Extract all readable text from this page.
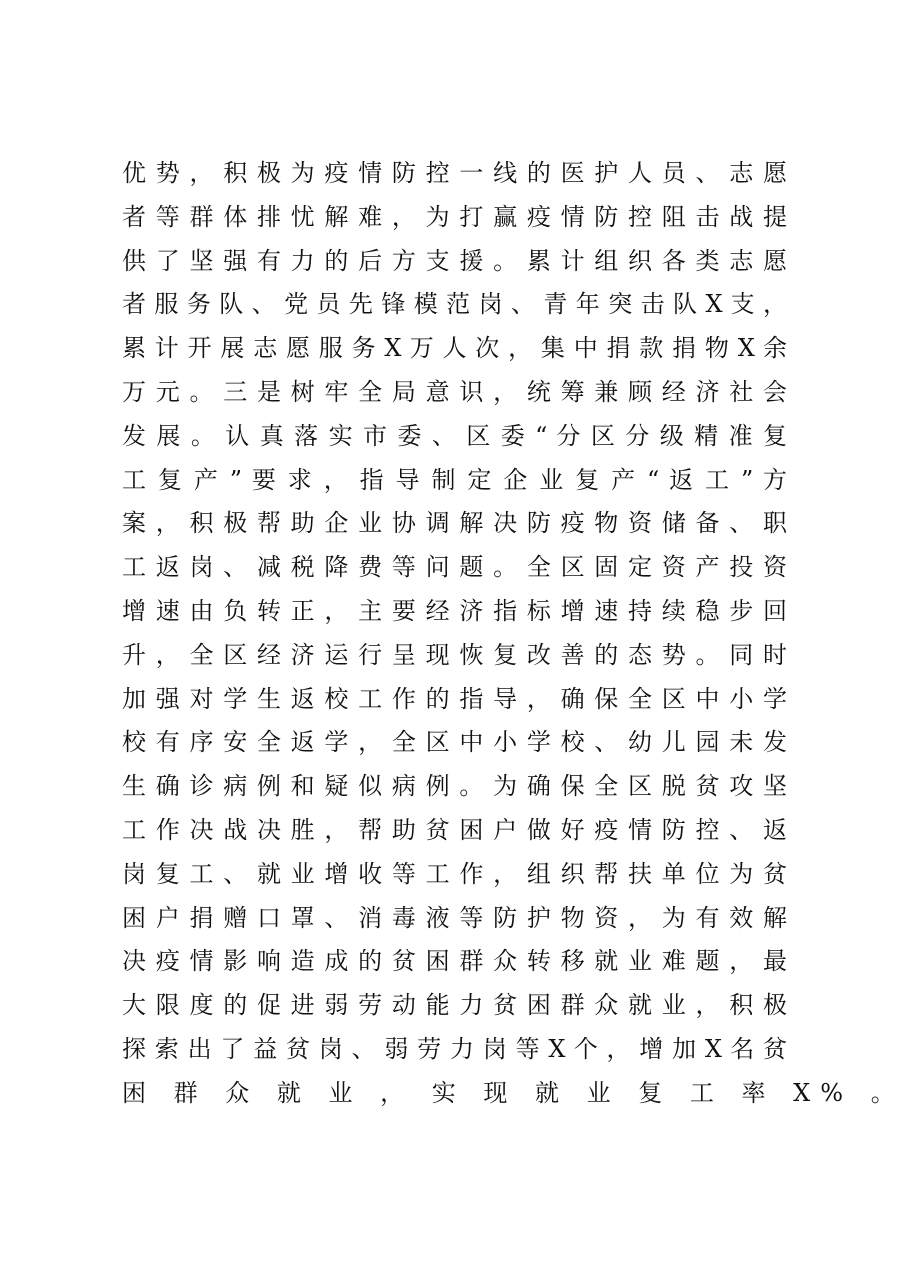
优 势 ， 积 极 为 疫 情 防 控 一 线 的 医 护 人 员 、 志 愿
者 等 群 体 排 忧 解 难 ， 为 打 赢 疫 情 防 控 阻 击 战 提
供 了 坚 强 有 力 的 后 方 支 援 。 累 计 组 织 各 类 志 愿
者 服 务 队 、 党 员 先 锋 模 范 岗 、 青 年 突 击 队 X 支 ，
累 计 开 展 志 愿 服 务 X 万 人 次 ， 集 中 捐 款 捐 物 X 余
万 元 。 三 是 树 牢 全 局 意 识 ， 统 筹 兼 顾 经 济 社 会
发 展 。 认 真 落 实 市 委 、 区 委 “ 分 区 分 级 精 准 复
工 复 产 ” 要 求 ， 指 导 制 定 企 业 复 产 “ 返 工 ” 方
案 ， 积 极 帮 助 企 业 协 调 解 决 防 疫 物 资 储 备 、 职
工 返 岗 、 减 税 降 费 等 问 题 。 全 区 固 定 资 产 投 资
增 速 由 负 转 正 ， 主 要 经 济 指 标 增 速 持 续 稳 步 回
升 ， 全 区 经 济 运 行 呈 现 恢 复 改 善 的 态 势 。 同 时
加 强 对 学 生 返 校 工 作 的 指 导 ， 确 保 全 区 中 小 学
校 有 序 安 全 返 学 ， 全 区 中 小 学 校 、 幼 儿 园 未 发
生 确 诊 病 例 和 疑 似 病 例 。 为 确 保 全 区 脱 贫 攻 坚
工 作 决 战 决 胜 ， 帮 助 贫 困 户 做 好 疫 情 防 控 、 返
岗 复 工 、 就 业 增 收 等 工 作 ， 组 织 帮 扶 单 位 为 贫
困 户 捐 赠 口 罩 、 消 毒 液 等 防 护 物 资 ， 为 有 效 解
决 疫 情 影 响 造 成 的 贫 困 群 众 转 移 就 业 难 题 ， 最
大 限 度 的 促 进 弱 劳 动 能 力 贫 困 群 众 就 业 ， 积 极
探 索 出 了 益 贫 岗 、 弱 劳 力 岗 等 X 个 ， 增 加 X 名 贫
困 群 众 就 业 ， 实 现 就 业 复 工 率 X% 。
